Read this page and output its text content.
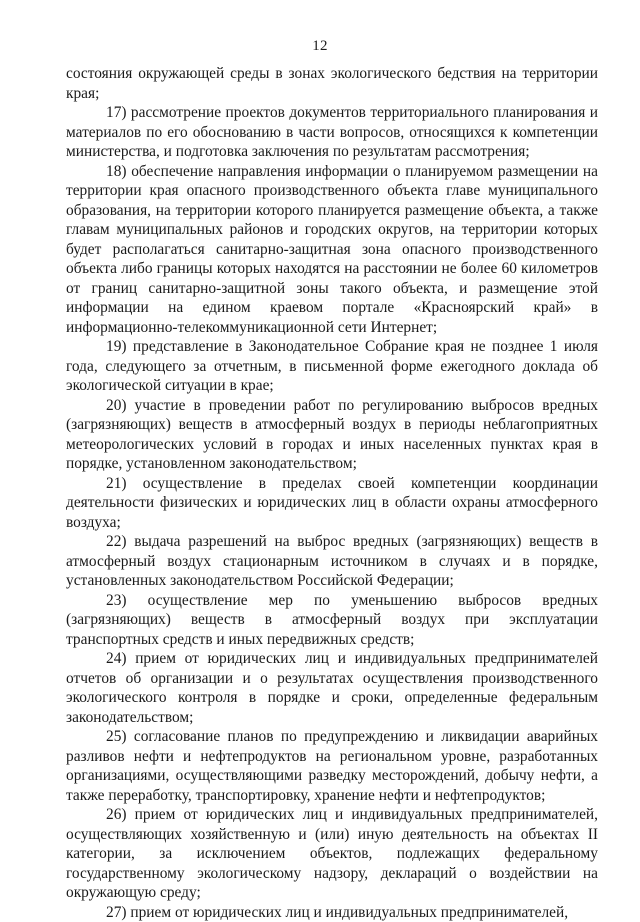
12

состояния окружающей среды в зонах экологического бедствия на территории края;

17) рассмотрение проектов документов территориального планирования и материалов по его обоснованию в части вопросов, относящихся к компетенции министерства, и подготовка заключения по результатам рассмотрения;

18) обеспечение направления информации о планируемом размещении на территории края опасного производственного объекта главе муниципального образования, на территории которого планируется размещение объекта, а также главам муниципальных районов и городских округов, на территории которых будет располагаться санитарно-защитная зона опасного производственного объекта либо границы которых находятся на расстоянии не более 60 километров от границ санитарно-защитной зоны такого объекта, и размещение этой информации на едином краевом портале «Красноярский край» в информационно-телекоммуникационной сети Интернет;

19) представление в Законодательное Собрание края не позднее 1 июля года, следующего за отчетным, в письменной форме ежегодного доклада об экологической ситуации в крае;

20) участие в проведении работ по регулированию выбросов вредных (загрязняющих) веществ в атмосферный воздух в периоды неблагоприятных метеорологических условий в городах и иных населенных пунктах края в порядке, установленном законодательством;

21) осуществление в пределах своей компетенции координации деятельности физических и юридических лиц в области охраны атмосферного воздуха;

22) выдача разрешений на выброс вредных (загрязняющих) веществ в атмосферный воздух стационарным источником в случаях и в порядке, установленных законодательством Российской Федерации;

23) осуществление мер по уменьшению выбросов вредных (загрязняющих) веществ в атмосферный воздух при эксплуатации транспортных средств и иных передвижных средств;

24) прием от юридических лиц и индивидуальных предпринимателей отчетов об организации и о результатах осуществления производственного экологического контроля в порядке и сроки, определенные федеральным законодательством;

25) согласование планов по предупреждению и ликвидации аварийных разливов нефти и нефтепродуктов на региональном уровне, разработанных организациями, осуществляющими разведку месторождений, добычу нефти, а также переработку, транспортировку, хранение нефти и нефтепродуктов;

26) прием от юридических лиц и индивидуальных предпринимателей, осуществляющих хозяйственную и (или) иную деятельность на объектах II категории, за исключением объектов, подлежащих федеральному государственному экологическому надзору, деклараций о воздействии на окружающую среду;

27) прием от юридических лиц и индивидуальных предпринимателей,
